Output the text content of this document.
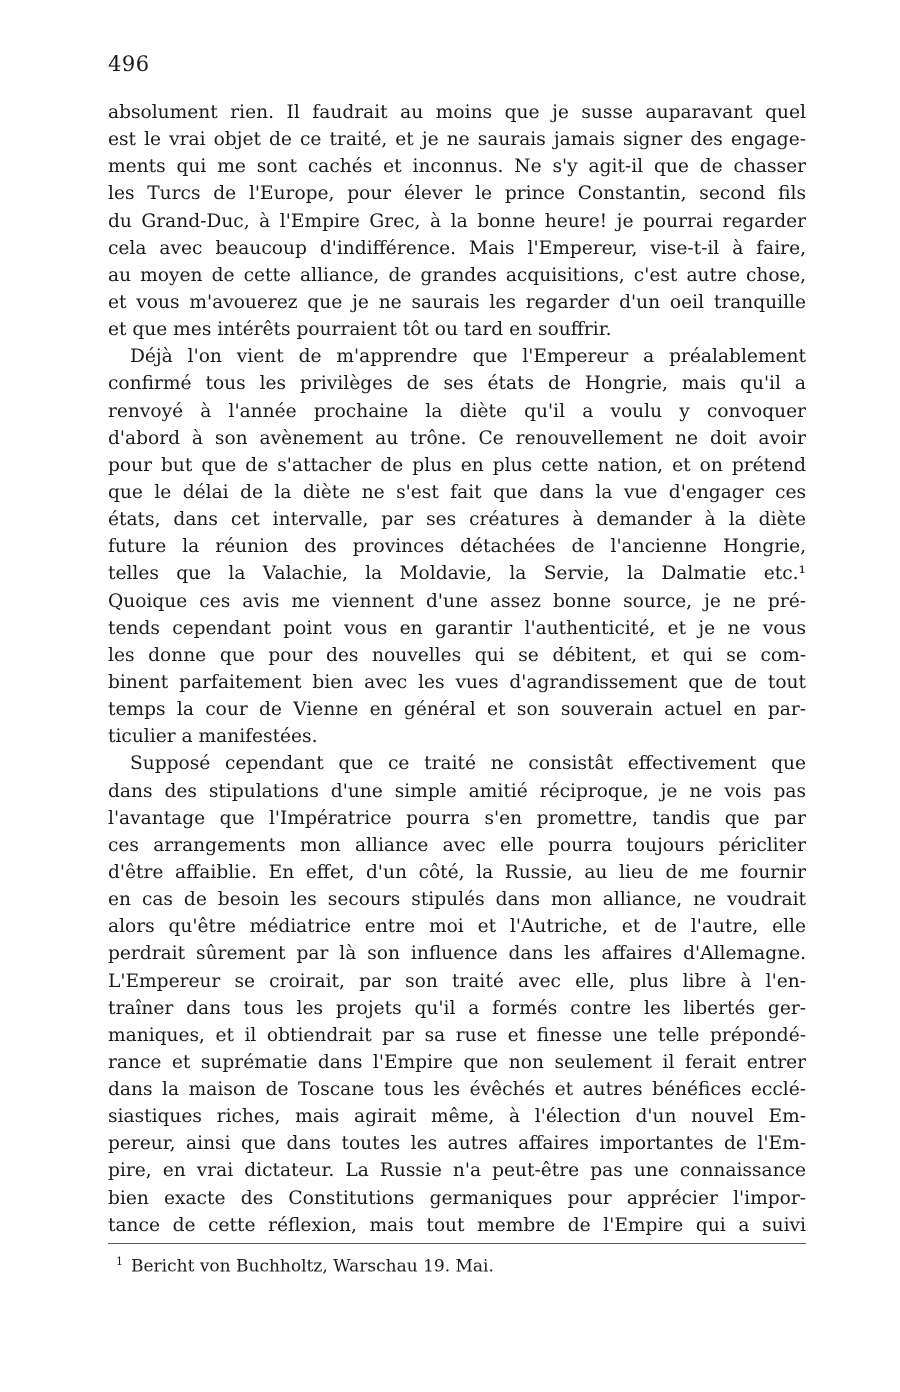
496
absolument rien. Il faudrait au moins que je susse auparavant quel
est le vrai objet de ce traité, et je ne saurais jamais signer des engage-
ments qui me sont cachés et inconnus. Ne s'y agit-il que de chasser
les Turcs de l'Europe, pour élever le prince Constantin, second fils
du Grand-Duc, à l'Empire Grec, à la bonne heure! je pourrai regarder
cela avec beaucoup d'indifférence. Mais l'Empereur, vise-t-il à faire,
au moyen de cette alliance, de grandes acquisitions, c'est autre chose,
et vous m'avouerez que je ne saurais les regarder d'un oeil tranquille
et que mes intérêts pourraient tôt ou tard en souffrir.
Déjà l'on vient de m'apprendre que l'Empereur a préalablement
confirmé tous les privilèges de ses états de Hongrie, mais qu'il a
renvoyé à l'année prochaine la diète qu'il a voulu y convoquer
d'abord à son avènement au trône. Ce renouvellement ne doit avoir
pour but que de s'attacher de plus en plus cette nation, et on prétend
que le délai de la diète ne s'est fait que dans la vue d'engager ces
états, dans cet intervalle, par ses créatures à demander à la diète
future la réunion des provinces détachées de l'ancienne Hongrie,
telles que la Valachie, la Moldavie, la Servie, la Dalmatie etc.¹
Quoique ces avis me viennent d'une assez bonne source, je ne pré-
tends cependant point vous en garantir l'authenticité, et je ne vous
les donne que pour des nouvelles qui se débitent, et qui se com-
binent parfaitement bien avec les vues d'agrandissement que de tout
temps la cour de Vienne en général et son souverain actuel en par-
ticulier a manifestées.
Supposé cependant que ce traité ne consistât effectivement que
dans des stipulations d'une simple amitié réciproque, je ne vois pas
l'avantage que l'Impératrice pourra s'en promettre, tandis que par
ces arrangements mon alliance avec elle pourra toujours péricliter
d'être affaiblie. En effet, d'un côté, la Russie, au lieu de me fournir
en cas de besoin les secours stipulés dans mon alliance, ne voudrait
alors qu'être médiatrice entre moi et l'Autriche, et de l'autre, elle
perdrait sûrement par là son influence dans les affaires d'Allemagne.
L'Empereur se croirait, par son traité avec elle, plus libre à l'en-
traîner dans tous les projets qu'il a formés contre les libertés ger-
maniques, et il obtiendrait par sa ruse et finesse une telle prépondé-
rance et suprématie dans l'Empire que non seulement il ferait entrer
dans la maison de Toscane tous les évêchés et autres bénéfices ecclé-
siastiques riches, mais agirait même, à l'élection d'un nouvel Em-
pereur, ainsi que dans toutes les autres affaires importantes de l'Em-
pire, en vrai dictateur. La Russie n'a peut-être pas une connaissance
bien exacte des Constitutions germaniques pour apprécier l'impor-
tance de cette réflexion, mais tout membre de l'Empire qui a suivi
$^1$ Bericht von Buchholtz, Warschau 19. Mai.
